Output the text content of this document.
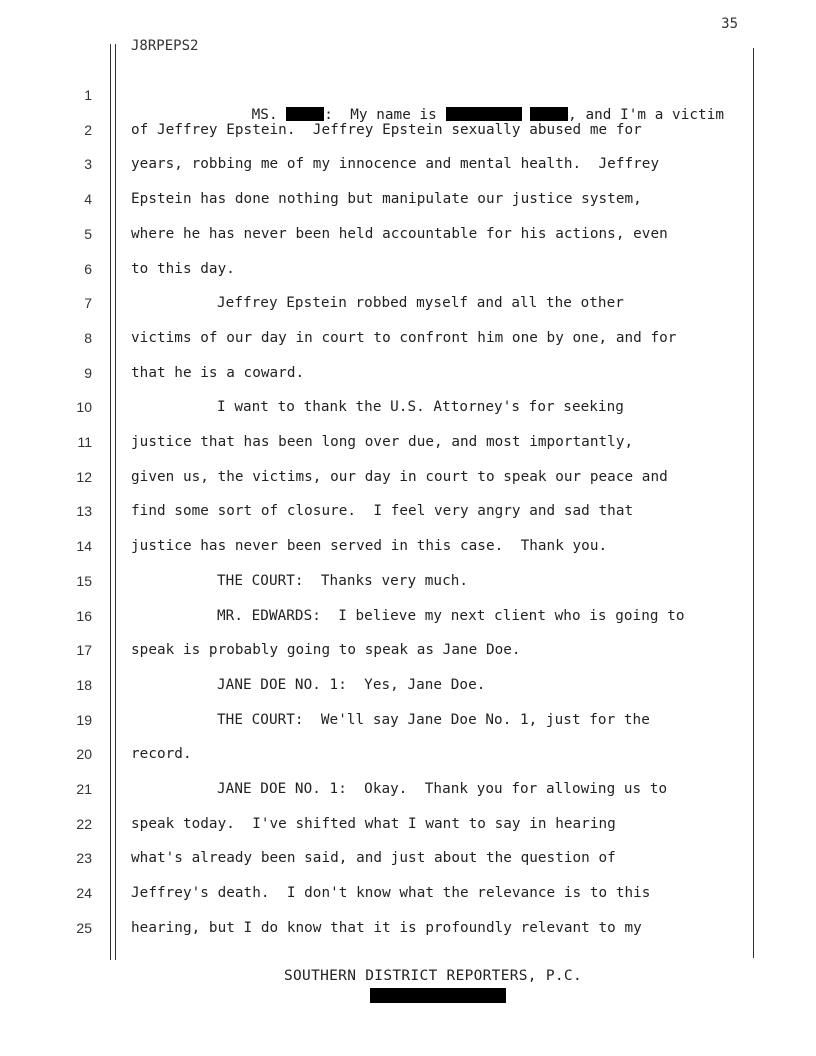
35
J8RPEPS2
1
2
3
4
5
6
7
8
9
10
11
12
13
14
15
16
17
18
19
20
21
22
23
24
25

MS.	:  My name is	, and I'm a victim

of Jeffrey Epstein.  Jeffrey Epstein sexually abused me for
years, robbing me of my innocence and mental health.  Jeffrey
Epstein has done nothing but manipulate our justice system,
where he has never been held accountable for his actions, even
to this day.
Jeffrey Epstein robbed myself and all the other
victims of our day in court to confront him one by one, and for
that he is a coward.
I want to thank the U.S. Attorney's for seeking
justice that has been long over due, and most importantly,
given us, the victims, our day in court to speak our peace and
find some sort of closure.  I feel very angry and sad that
justice has never been served in this case.  Thank you.
THE COURT:  Thanks very much.
MR. EDWARDS:  I believe my next client who is going to
speak is probably going to speak as Jane Doe.
JANE DOE NO. 1:  Yes, Jane Doe.
THE COURT:  We'll say Jane Doe No. 1, just for the
record.
JANE DOE NO. 1:  Okay.  Thank you for allowing us to
speak today.  I've shifted what I want to say in hearing
what's already been said, and just about the question of
Jeffrey's death.  I don't know what the relevance is to this
hearing, but I do know that it is profoundly relevant to my
SOUTHERN DISTRICT REPORTERS, P.C.
